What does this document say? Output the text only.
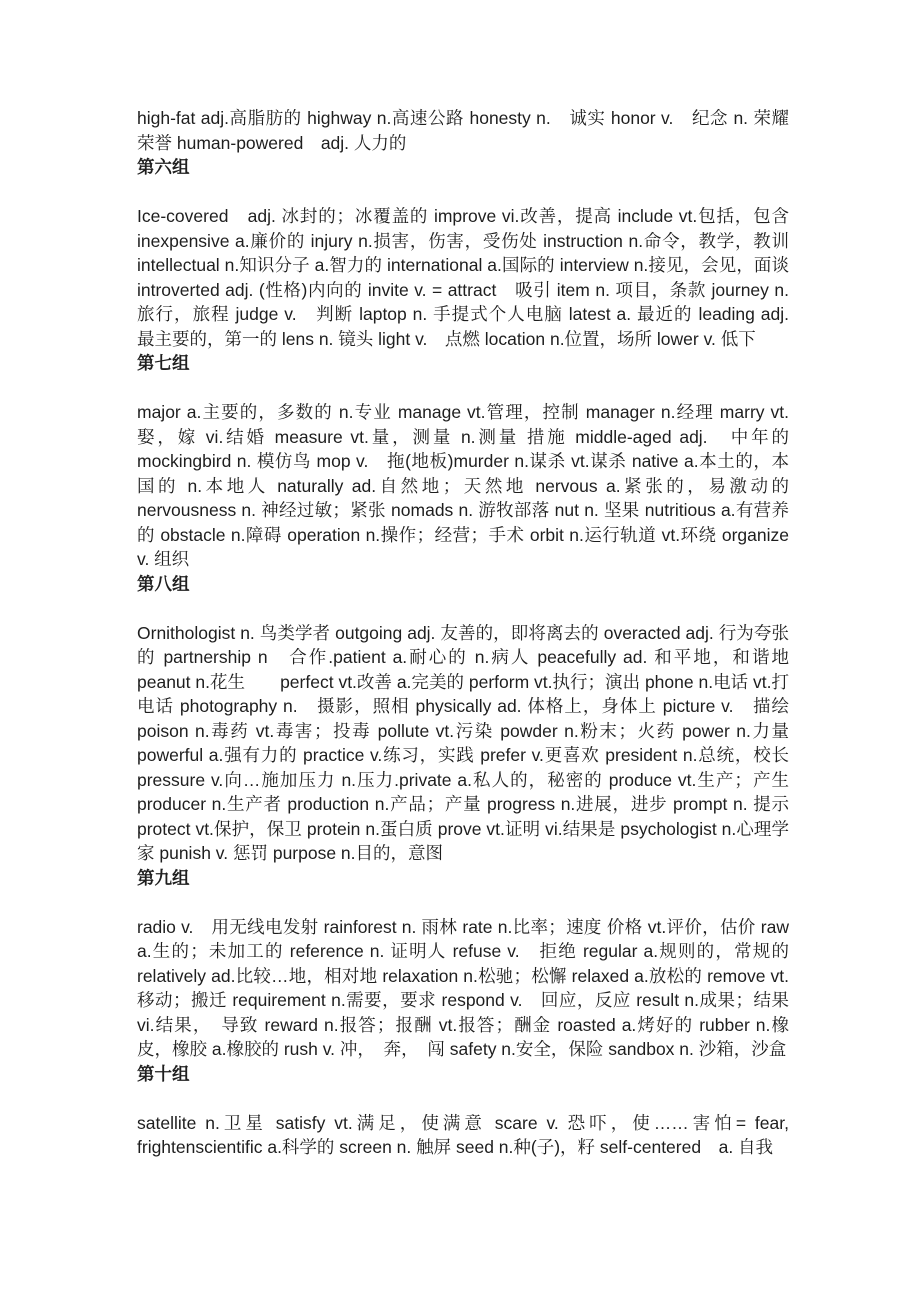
high-fat adj.高脂肪的 highway n.高速公路 honesty n.　诚实 honor v.　纪念 n. 荣耀 荣誉 human-powered　adj. 人力的

第六组

Ice-covered　adj. 冰封的；冰覆盖的 improve vi.改善，提高 include vt.包括，包含 inexpensive a.廉价的 injury n.损害，伤害，受伤处 instruction n.命令，教学，教训 intellectual n.知识分子 a.智力的 international a.国际的 interview n.接见，会见，面谈 introverted adj. (性格)内向的 invite v. = attract　吸引 item n. 项目，条款 journey n.旅行，旅程 judge v.　判断 laptop n. 手提式个人电脑 latest a. 最近的 leading adj.　最主要的，第一的 lens n. 镜头 light v.　点燃 location n.位置，场所 lower v. 低下

第七组

major a.主要的，多数的 n.专业 manage vt.管理，控制 manager n.经理 marry vt.娶，嫁 vi.结婚 measure vt.量，测量 n.测量 措施 middle-aged adj.　中年的 mockingbird n. 模仿鸟 mop v.　拖(地板)murder n.谋杀 vt.谋杀 native a.本土的，本国的 n.本地人 naturally ad.自然地；天然地 nervous a.紧张的，易激动的 nervousness n. 神经过敏；紧张 nomads n. 游牧部落 nut n. 坚果 nutritious a.有营养的 obstacle n.障碍 operation n.操作；经营；手术 orbit n.运行轨道 vt.环绕 organize v. 组织

第八组

Ornithologist n. 鸟类学者 outgoing adj. 友善的，即将离去的 overacted adj. 行为夸张的 partnership n　合作.patient a.耐心的 n.病人 peacefully ad. 和平地，和谐地 peanut n.花生　　perfect vt.改善 a.完美的 perform vt.执行；演出 phone n.电话 vt.打电话 photography n.　摄影，照相 physically ad. 体格上，身体上 picture v.　描绘 poison n.毒药 vt.毒害；投毒 pollute vt.污染 powder n.粉末；火药 power n.力量 powerful a.强有力的 practice v.练习，实践 prefer v.更喜欢 president n.总统，校长 pressure v.向…施加压力 n.压力.private a.私人的，秘密的 produce vt.生产；产生 producer n.生产者 production n.产品；产量 progress n.进展，进步 prompt n. 提示 protect vt.保护，保卫 protein n.蛋白质 prove vt.证明 vi.结果是 psychologist n.心理学家 punish v. 惩罚 purpose n.目的，意图

第九组

radio v.　用无线电发射 rainforest n. 雨林 rate n.比率；速度 价格 vt.评价，估价 raw a.生的；未加工的 reference n. 证明人 refuse v.　拒绝 regular a.规则的，常规的 relatively ad.比较…地，相对地 relaxation n.松驰；松懈 relaxed a.放松的 remove vt.移动；搬迁 requirement n.需要，要求 respond v.　回应，反应 result n.成果；结果 vi.结果，　导致 reward n.报答；报酬 vt.报答；酬金 roasted a.烤好的 rubber n.橡皮，橡胶 a.橡胶的 rush v. 冲，　奔，　闯 safety n.安全，保险 sandbox n. 沙箱，沙盒

第十组

satellite n.卫星 satisfy vt.满足，使满意 scare v. 恐吓，使……害怕= fear, frightenscientific a.科学的 screen n. 触屏 seed n.种(子)，籽 self-centered　a. 自我
